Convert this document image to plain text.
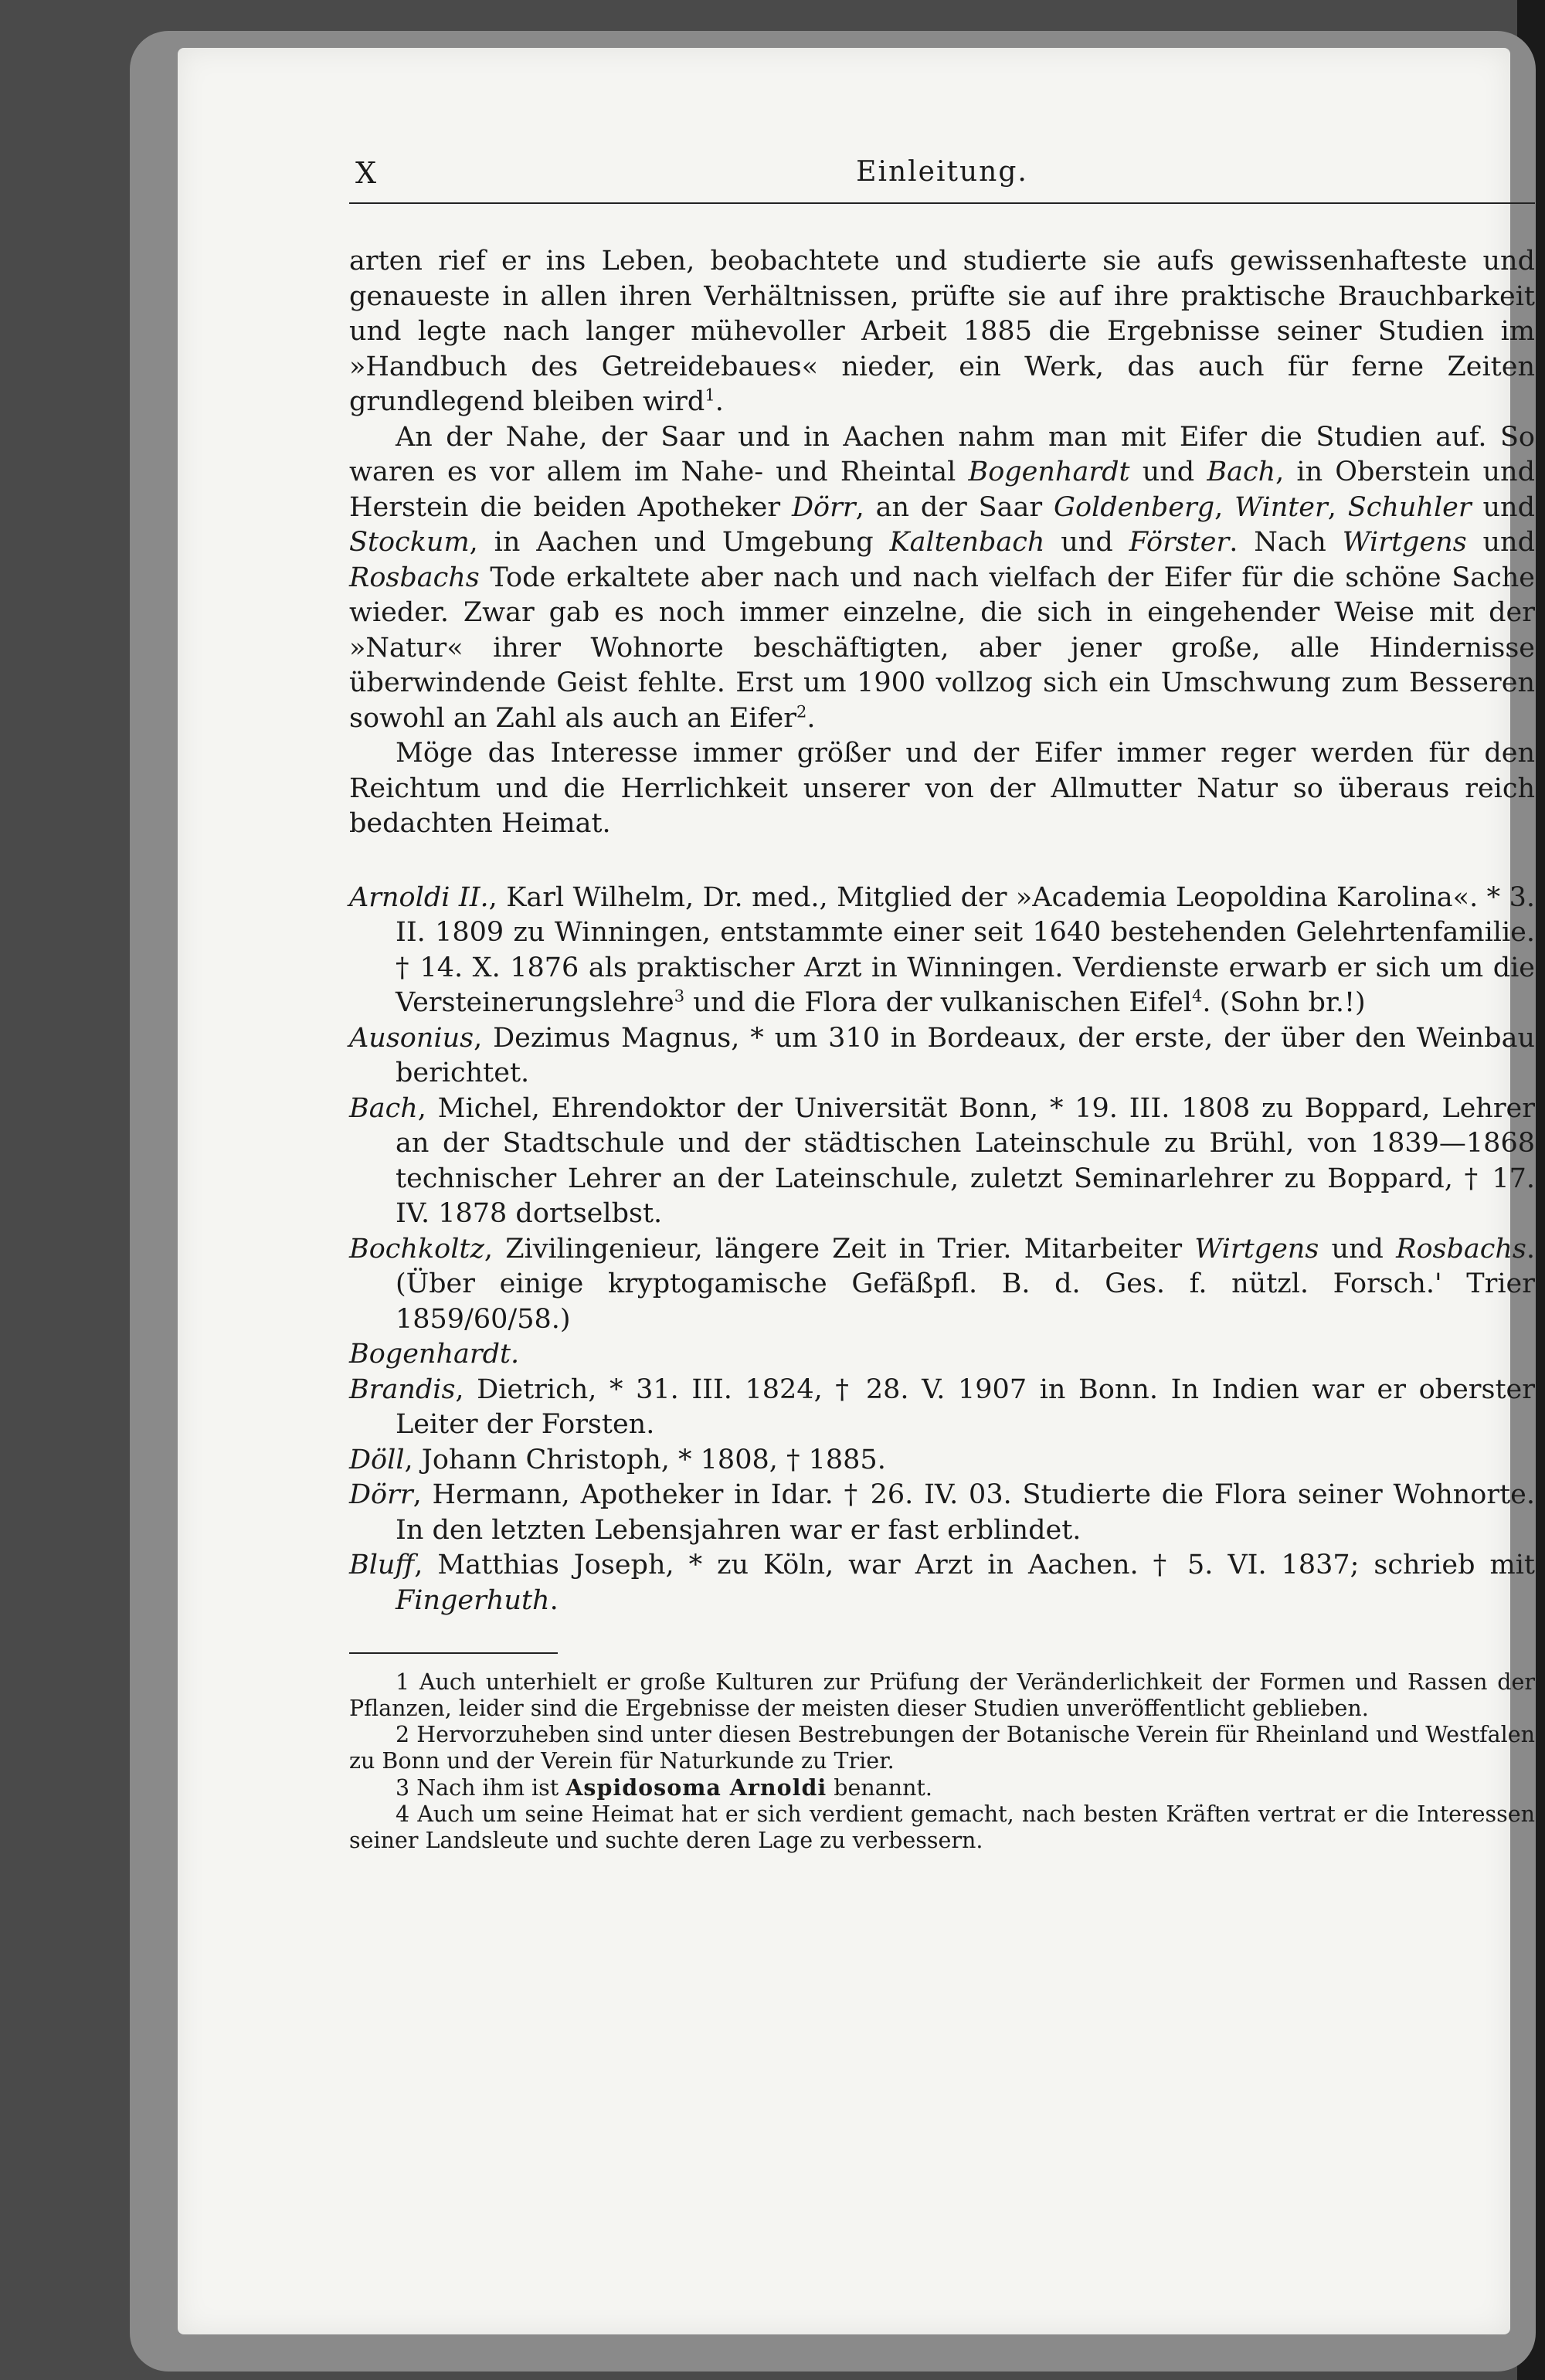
X	Einleitung.

arten rief er ins Leben, beobachtete und studierte sie aufs gewissenhafteste und genaueste in allen ihren Verhältnissen, prüfte sie auf ihre praktische Brauchbarkeit und legte nach langer mühevoller Arbeit 1885 die Ergebnisse seiner Studien im »Handbuch des Getreidebaues« nieder, ein Werk, das auch für ferne Zeiten grundlegend bleiben wird$^1$.

An der Nahe, der Saar und in Aachen nahm man mit Eifer die Studien auf. So waren es vor allem im Nahe- und Rheintal Bogenhardt und Bach, in Oberstein und Herstein die beiden Apotheker Dörr, an der Saar Goldenberg, Winter, Schuhler und Stockum, in Aachen und Umgebung Kaltenbach und Förster. Nach Wirtgens und Rosbachs Tode erkaltete aber nach und nach vielfach der Eifer für die schöne Sache wieder. Zwar gab es noch immer einzelne, die sich in eingehender Weise mit der »Natur« ihrer Wohnorte beschäftigten, aber jener große, alle Hindernisse überwindende Geist fehlte. Erst um 1900 vollzog sich ein Umschwung zum Besseren sowohl an Zahl als auch an Eifer$^2$.

Möge das Interesse immer größer und der Eifer immer reger werden für den Reichtum und die Herrlichkeit unserer von der Allmutter Natur so überaus reich bedachten Heimat.

Arnoldi II., Karl Wilhelm, Dr. med., Mitglied der »Academia Leopoldina Karolina«. * 3. II. 1809 zu Winningen, entstammte einer seit 1640 bestehenden Gelehrtenfamilie. † 14. X. 1876 als praktischer Arzt in Winningen. Verdienste erwarb er sich um die Versteinerungslehre$^3$ und die Flora der vulkanischen Eifel$^4$. (Sohn br.!)

Ausonius, Dezimus Magnus, * um 310 in Bordeaux, der erste, der über den Weinbau berichtet.

Bach, Michel, Ehrendoktor der Universität Bonn, * 19. III. 1808 zu Boppard, Lehrer an der Stadtschule und der städtischen Lateinschule zu Brühl, von 1839—1868 technischer Lehrer an der Lateinschule, zuletzt Seminarlehrer zu Boppard, † 17. IV. 1878 dortselbst.

Bochkoltz, Zivilingenieur, längere Zeit in Trier. Mitarbeiter Wirtgens und Rosbachs. (Über einige kryptogamische Gefäßpfl. B. d. Ges. f. nützl. Forsch.' Trier 1859/60/58.)

Bogenhardt.

Brandis, Dietrich, * 31. III. 1824, † 28. V. 1907 in Bonn. In Indien war er oberster Leiter der Forsten.

Döll, Johann Christoph, * 1808, † 1885.

Dörr, Hermann, Apotheker in Idar. † 26. IV. 03. Studierte die Flora seiner Wohnorte. In den letzten Lebensjahren war er fast erblindet.

Bluff, Matthias Joseph, * zu Köln, war Arzt in Aachen. † 5. VI. 1837; schrieb mit Fingerhuth.

1 Auch unterhielt er große Kulturen zur Prüfung der Veränderlichkeit der Formen und Rassen der Pflanzen, leider sind die Ergebnisse der meisten dieser Studien unveröffentlicht geblieben.

2 Hervorzuheben sind unter diesen Bestrebungen der Botanische Verein für Rheinland und Westfalen zu Bonn und der Verein für Naturkunde zu Trier.

3 Nach ihm ist Aspidosoma Arnoldi benannt.

4 Auch um seine Heimat hat er sich verdient gemacht, nach besten Kräften vertrat er die Interessen seiner Landsleute und suchte deren Lage zu verbessern.
